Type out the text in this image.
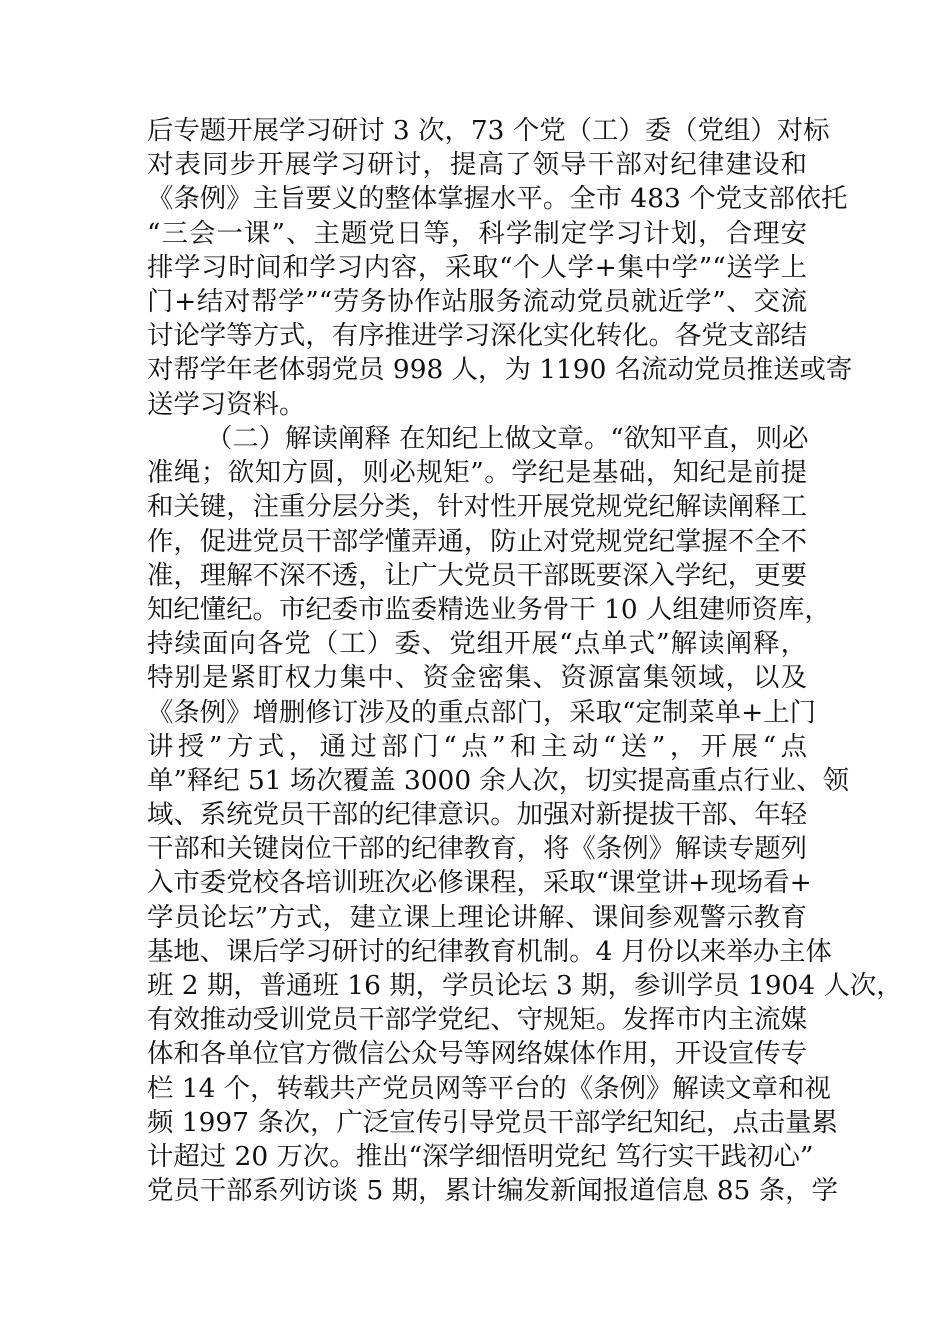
后专题开展学习研讨 3 次，73 个党（工）委（党组）对标
对表同步开展学习研讨，提高了领导干部对纪律建设和
《条例》主旨要义的整体掌握水平。全市 483 个党支部依托
“三会一课”、主题党日等，科学制定学习计划，合理安
排学习时间和学习内容，采取“个人学+集中学”“送学上
门+结对帮学”“劳务协作站服务流动党员就近学”、交流
讨论学等方式，有序推进学习深化实化转化。各党支部结
对帮学年老体弱党员 998 人，为 1190 名流动党员推送或寄
送学习资料。
（二）解读阐释 在知纪上做文章。“欲知平直，则必
准绳；欲知方圆，则必规矩”。学纪是基础，知纪是前提
和关键，注重分层分类，针对性开展党规党纪解读阐释工
作，促进党员干部学懂弄通，防止对党规党纪掌握不全不
准，理解不深不透，让广大党员干部既要深入学纪，更要
知纪懂纪。市纪委市监委精选业务骨干 10 人组建师资库，
持续面向各党（工）委、党组开展“点单式”解读阐释，
特别是紧盯权力集中、资金密集、资源富集领域，以及
《条例》增删修订涉及的重点部门，采取“定制菜单+上门
讲授”方式，通过部门“点”和主动“送”，开展“点
单”释纪 51 场次覆盖 3000 余人次，切实提高重点行业、领
域、系统党员干部的纪律意识。加强对新提拔干部、年轻
干部和关键岗位干部的纪律教育，将《条例》解读专题列
入市委党校各培训班次必修课程，采取“课堂讲+现场看+
学员论坛”方式，建立课上理论讲解、课间参观警示教育
基地、课后学习研讨的纪律教育机制。4 月份以来举办主体
班 2 期，普通班 16 期，学员论坛 3 期，参训学员 1904 人次，
有效推动受训党员干部学党纪、守规矩。发挥市内主流媒
体和各单位官方微信公众号等网络媒体作用，开设宣传专
栏 14 个，转载共产党员网等平台的《条例》解读文章和视
频 1997 条次，广泛宣传引导党员干部学纪知纪，点击量累
计超过 20 万次。推出“深学细悟明党纪 笃行实干践初心”
党员干部系列访谈 5 期，累计编发新闻报道信息 85 条，学
